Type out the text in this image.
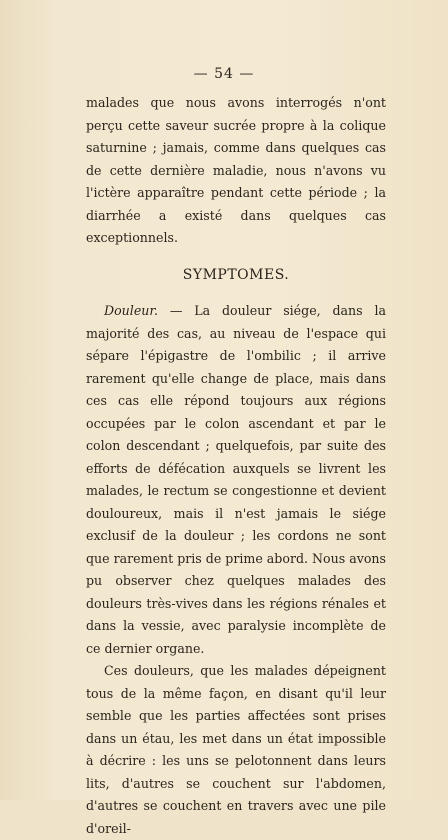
— 54 —

malades que nous avons interrogés n'ont perçu cette saveur sucrée propre à la colique saturnine ; jamais, comme dans quelques cas de cette dernière maladie, nous n'avons vu l'ictère apparaître pendant cette période ; la diarrhée a existé dans quelques cas exceptionnels.

SYMPTOMES.

Douleur. — La douleur siége, dans la majorité des cas, au niveau de l'espace qui sépare l'épigastre de l'ombilic ; il arrive rarement qu'elle change de place, mais dans ces cas elle répond toujours aux régions occupées par le colon ascendant et par le colon descendant ; quelquefois, par suite des efforts de défécation auxquels se livrent les malades, le rectum se congestionne et devient douloureux, mais il n'est jamais le siége exclusif de la douleur ; les cordons ne sont que rarement pris de prime abord. Nous avons pu observer chez quelques malades des douleurs très-vives dans les régions rénales et dans la vessie, avec paralysie incomplète de ce dernier organe.

Ces douleurs, que les malades dépeignent tous de la même façon, en disant qu'il leur semble que les parties affectées sont prises dans un étau, les met dans un état impossible à décrire : les uns se pelotonnent dans leurs lits, d'autres se couchent sur l'abdomen, d'autres se couchent en travers avec une pile d'oreil-
